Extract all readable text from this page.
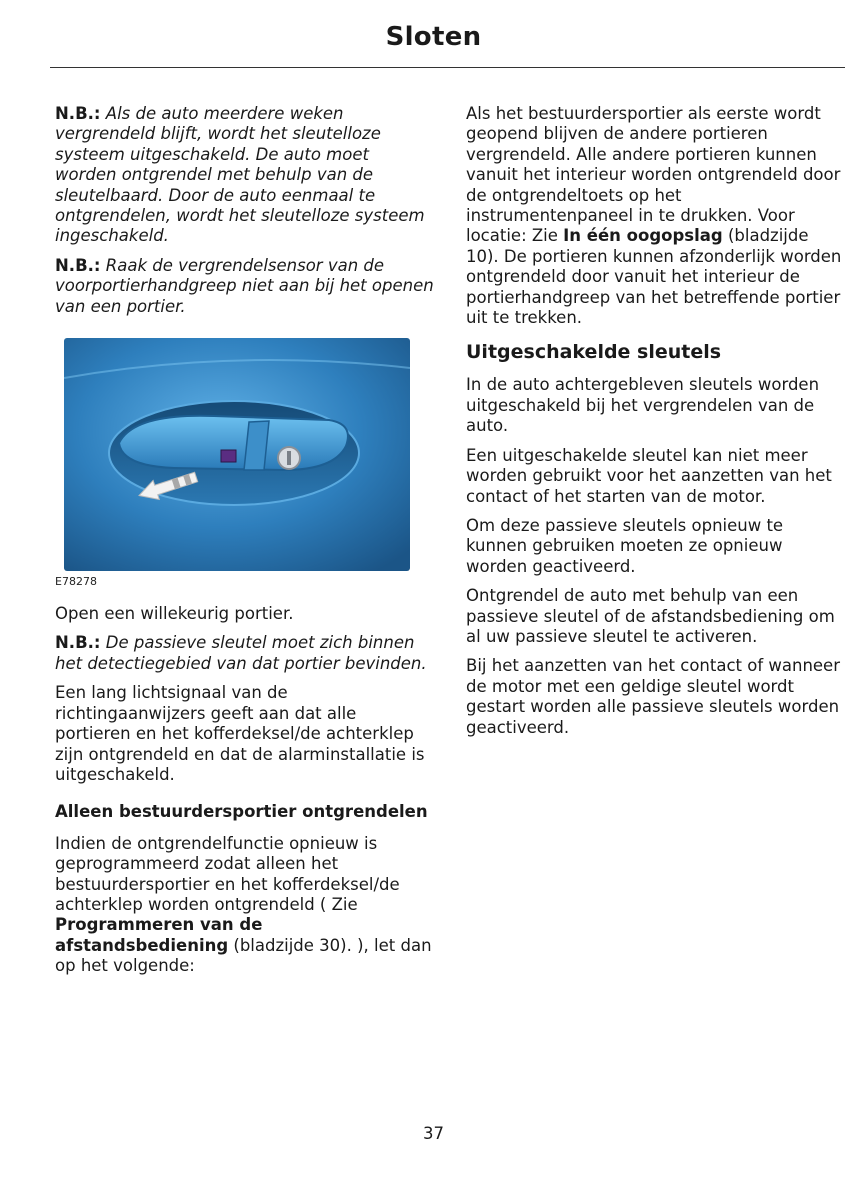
Sloten

N.B.: Als de auto meerdere weken vergrendeld blijft, wordt het sleutelloze systeem uitgeschakeld. De auto moet worden ontgrendel met behulp van de sleutelbaard. Door de auto eenmaal te ontgrendelen, wordt het sleutelloze systeem ingeschakeld.

N.B.: Raak de vergrendelsensor van de voorportierhandgreep niet aan bij het openen van een portier.

E78278

Open een willekeurig portier.

N.B.: De passieve sleutel moet zich binnen het detectiegebied van dat portier bevinden.

Een lang lichtsignaal van de richtingaanwijzers geeft aan dat alle portieren en het kofferdeksel/de achterklep zijn ontgrendeld en dat de alarminstallatie is uitgeschakeld.

Alleen bestuurdersportier ontgrendelen

Indien de ontgrendelfunctie opnieuw is geprogrammeerd zodat alleen het bestuurdersportier en het kofferdeksel/de achterklep worden ontgrendeld ( Zie Programmeren van de afstandsbediening (bladzijde 30). ), let dan op het volgende:

Als het bestuurdersportier als eerste wordt geopend blijven de andere portieren vergrendeld. Alle andere portieren kunnen vanuit het interieur worden ontgrendeld door de ontgrendeltoets op het instrumentenpaneel in te drukken. Voor locatie: Zie In één oogopslag (bladzijde 10). De portieren kunnen afzonderlijk worden ontgrendeld door vanuit het interieur de portierhandgreep van het betreffende portier uit te trekken.

Uitgeschakelde sleutels

In de auto achtergebleven sleutels worden uitgeschakeld bij het vergrendelen van de auto.

Een uitgeschakelde sleutel kan niet meer worden gebruikt voor het aanzetten van het contact of het starten van de motor.

Om deze passieve sleutels opnieuw te kunnen gebruiken moeten ze opnieuw worden geactiveerd.

Ontgrendel de auto met behulp van een passieve sleutel of de afstandsbediening om al uw passieve sleutel te activeren.

Bij het aanzetten van het contact of wanneer de motor met een geldige sleutel wordt gestart worden alle passieve sleutels worden geactiveerd.

37
